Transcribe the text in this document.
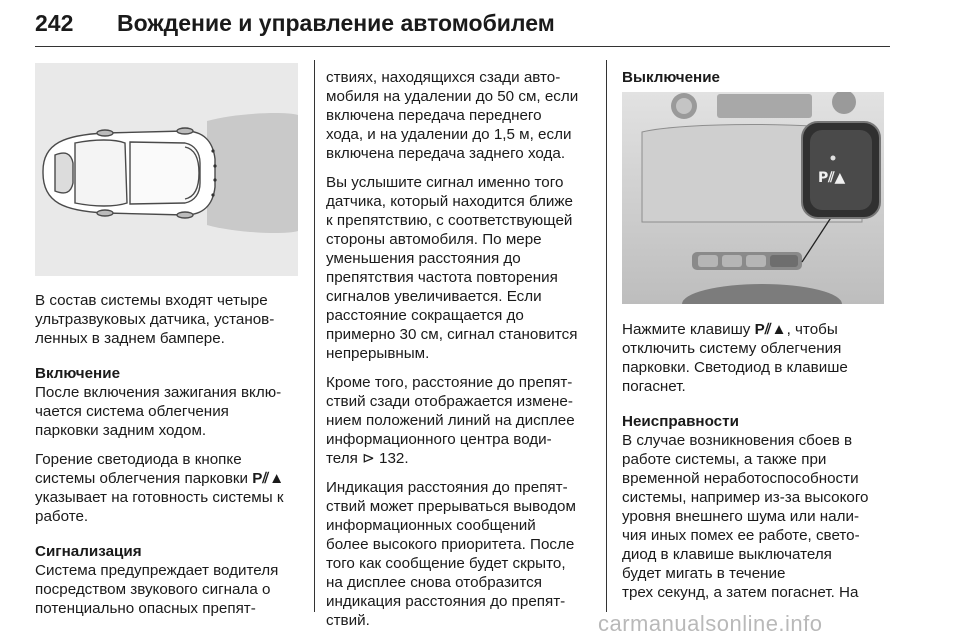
242 Вождение и управление автомобилем

В состав системы входят четыре

ультразвуковых датчика, установ-

ленных в заднем бампере.

Включение

После включения зажигания вклю-

чается система облегчения

парковки задним ходом.

Горение светодиода в кнопке

системы облегчения парковки P⫽▲

указывает на готовность системы к

работе.

Сигнализация

Система предупреждает водителя

посредством звукового сигнала о

потенциально опасных препят-

ствиях, находящихся сзади авто-

мобиля на удалении до 50 см, если

включена передача переднего

хода, и на удалении до 1,5 м, если

включена передача заднего хода.

Вы услышите сигнал именно того

датчика, который находится ближе

к препятствию, с соответствующей

стороны автомобиля. По мере

уменьшения расстояния до

препятствия частота повторения

сигналов увеличивается. Если

расстояние сокращается до

примерно 30 см, сигнал становится

непрерывным.

Кроме того, расстояние до препят-

ствий сзади отображается измене-

нием положений линий на дисплее

информационного центра води-

теля ⊳ 132.

Индикация расстояния до препят-

ствий может прерываться выводом

информационных сообщений

более высокого приоритета. После

того как сообщение будет скрыто,

на дисплее снова отобразится

индикация расстояния до препят-

ствий.

Выключение
P⫽▲

Нажмите клавишу P⫽▲, чтобы

отключить систему облегчения

парковки. Светодиод в клавише

погаснет.

Неисправности

В случае возникновения сбоев в

работе системы, а также при

временной неработоспособности

системы, например из-за высокого

уровня внешнего шума или нали-

чия иных помех ее работе, свето-

диод в клавише выключателя

будет мигать в течение

трех секунд, а затем погаснет. На

carmanualsonline.info
